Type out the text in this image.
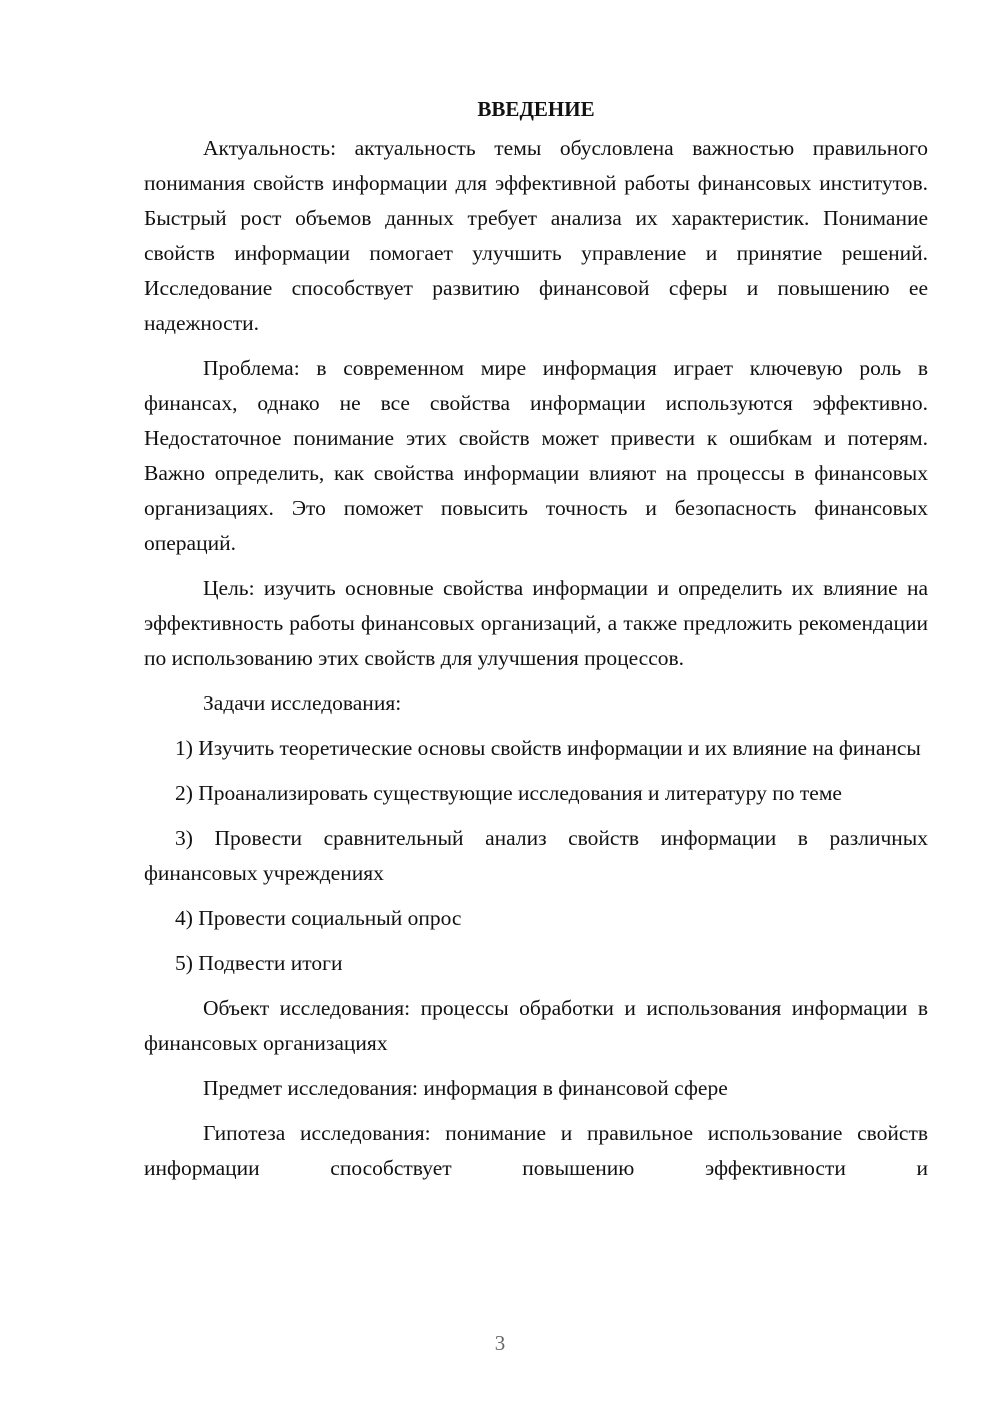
ВВЕДЕНИЕ

Актуальность: актуальность темы обусловлена важностью правильного понимания свойств информации для эффективной работы финансовых институтов. Быстрый рост объемов данных требует анализа их характеристик. Понимание свойств информации помогает улучшить управление и принятие решений. Исследование способствует развитию финансовой сферы и повышению ее надежности.

Проблема: в современном мире информация играет ключевую роль в финансах, однако не все свойства информации используются эффективно. Недостаточное понимание этих свойств может привести к ошибкам и потерям. Важно определить, как свойства информации влияют на процессы в финансовых организациях. Это поможет повысить точность и безопасность финансовых операций.

Цель: изучить основные свойства информации и определить их влияние на эффективность работы финансовых организаций, а также предложить рекомендации по использованию этих свойств для улучшения процессов.

Задачи исследования:

1) Изучить теоретические основы свойств информации и их влияние на финансы

2) Проанализировать существующие исследования и литературу по теме

3) Провести сравнительный анализ свойств информации в различных финансовых учреждениях

4) Провести социальный опрос

5) Подвести итоги

Объект исследования: процессы обработки и использования информации в финансовых организациях

Предмет исследования: информация в финансовой сфере

Гипотеза исследования: понимание и правильное использование свойств информации способствует повышению эффективности и

3
